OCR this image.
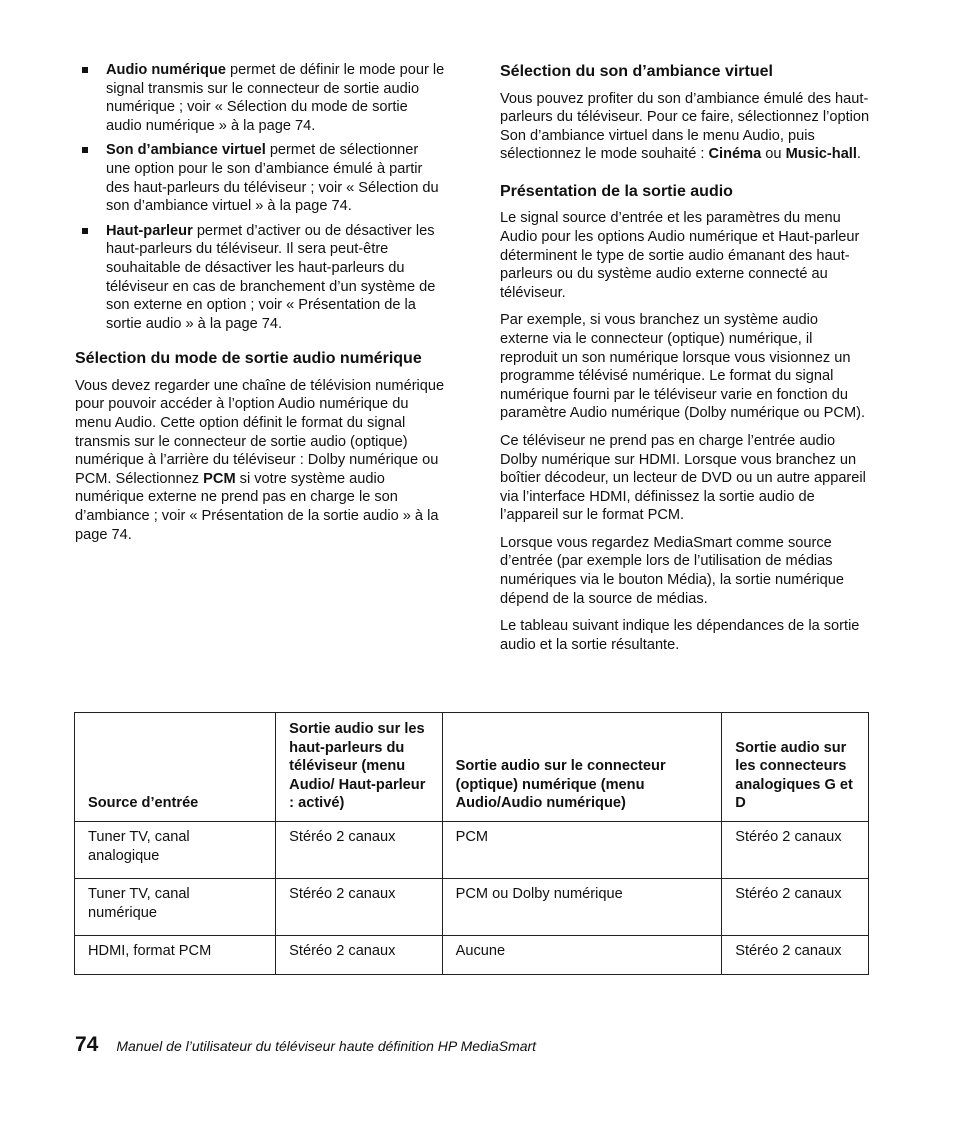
Audio numérique permet de définir le mode pour le signal transmis sur le connecteur de sortie audio numérique ; voir « Sélection du mode de sortie audio numérique » à la page 74.
Son d’ambiance virtuel permet de sélectionner une option pour le son d’ambiance émulé à partir des haut-parleurs du téléviseur ; voir « Sélection du son d’ambiance virtuel » à la page 74.
Haut-parleur permet d’activer ou de désactiver les haut-parleurs du téléviseur. Il sera peut-être souhaitable de désactiver les haut-parleurs du téléviseur en cas de branchement d’un système de son externe en option ; voir « Présentation de la sortie audio » à la page 74.
Sélection du mode de sortie audio numérique

Vous devez regarder une chaîne de télévision numérique pour pouvoir accéder à l’option Audio numérique du menu Audio. Cette option définit le format du signal transmis sur le connecteur de sortie audio (optique) numérique à l’arrière du téléviseur : Dolby numérique ou PCM. Sélectionnez PCM si votre système audio numérique externe ne prend pas en charge le son d’ambiance ; voir « Présentation de la sortie audio » à la page 74.

Sélection du son d’ambiance virtuel

Vous pouvez profiter du son d’ambiance émulé des haut-parleurs du téléviseur. Pour ce faire, sélectionnez l’option Son d’ambiance virtuel dans le menu Audio, puis sélectionnez le mode souhaité : Cinéma ou Music-hall.

Présentation de la sortie audio

Le signal source d’entrée et les paramètres du menu Audio pour les options Audio numérique et Haut-parleur déterminent le type de sortie audio émanant des haut-parleurs ou du système audio externe connecté au téléviseur.

Par exemple, si vous branchez un système audio externe via le connecteur (optique) numérique, il reproduit un son numérique lorsque vous visionnez un programme télévisé numérique. Le format du signal numérique fourni par le téléviseur varie en fonction du paramètre Audio numérique (Dolby numérique ou PCM).

Ce téléviseur ne prend pas en charge l’entrée audio Dolby numérique sur HDMI. Lorsque vous branchez un boîtier décodeur, un lecteur de DVD ou un autre appareil via l’interface HDMI, définissez la sortie audio de l’appareil sur le format PCM.

Lorsque vous regardez MediaSmart comme source d’entrée (par exemple lors de l’utilisation de médias numériques via le bouton Média), la sortie numérique dépend de la source de médias.

Le tableau suivant indique les dépendances de la sortie audio et la sortie résultante.

Source d’entrée	Sortie audio sur les haut-parleurs du téléviseur (menu Audio/ Haut-parleur : activé)	Sortie audio sur le connecteur (optique) numérique (menu Audio/Audio numérique)	Sortie audio sur les connecteurs analogiques G et D
Tuner TV, canal analogique	Stéréo 2 canaux	PCM	Stéréo 2 canaux
Tuner TV, canal numérique	Stéréo 2 canaux	PCM ou Dolby numérique	Stéréo 2 canaux
HDMI, format PCM	Stéréo 2 canaux	Aucune	Stéréo 2 canaux
74 Manuel de l’utilisateur du téléviseur haute définition HP MediaSmart
